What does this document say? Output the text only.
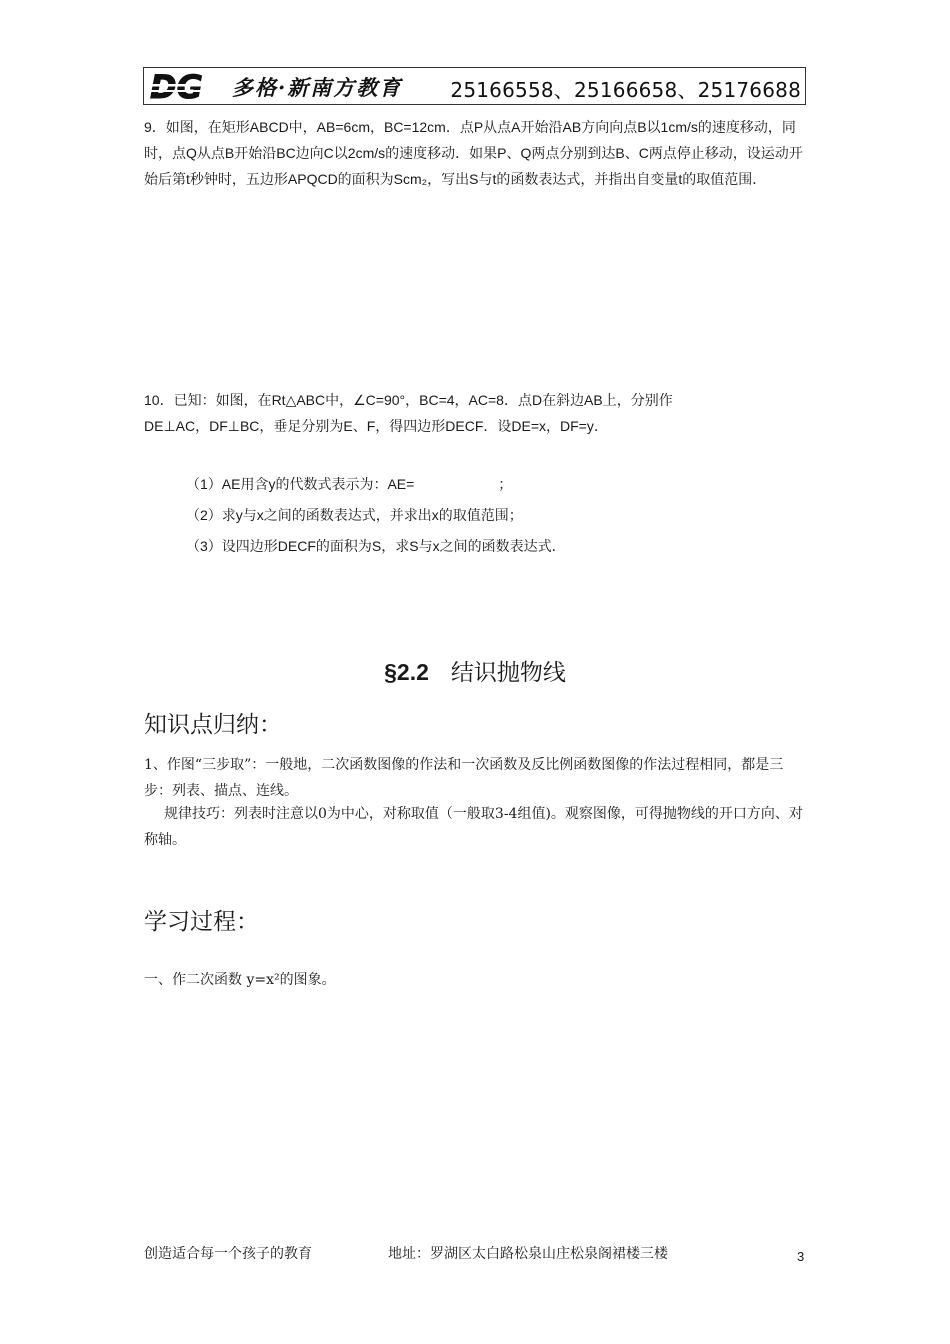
多格·新南方教育 25166558、25166658、25176688

9．如图，在矩形ABCD中，AB=6cm，BC=12cm．点P从点A开始沿AB方向向点B以1cm/s的速度移动，同时，点Q从点B开始沿BC边向C以2cm/s的速度移动．如果P、Q两点分别到达B、C两点停止移动，设运动开始后第t秒钟时，五边形APQCD的面积为Scm₂，写出S与t的函数表达式，并指出自变量t的取值范围．

10．已知：如图，在Rt△ABC中，∠C=90°，BC=4，AC=8．点D在斜边AB上，分别作DE⊥AC，DF⊥BC，垂足分别为E、F，得四边形DECF．设DE=x，DF=y．

（1）AE用含y的代数式表示为：AE=　　　　　　；

（2）求y与x之间的函数表达式，并求出x的取值范围；

（3）设四边形DECF的面积为S，求S与x之间的函数表达式．

§2.2 结识抛物线
知识点归纳：

1、作图“三步取”：一般地，二次函数图像的作法和一次函数及反比例函数图像的作法过程相同，都是三步：列表、描点、连线。

规律技巧：列表时注意以0为中心，对称取值（一般取3-4组值)。观察图像，可得抛物线的开口方向、对称轴。

学习过程：

一、作二次函数 y=x²的图象。

创造适合每一个孩子的教育	地址：罗湖区太白路松泉山庄松泉阁裙楼三楼	3
